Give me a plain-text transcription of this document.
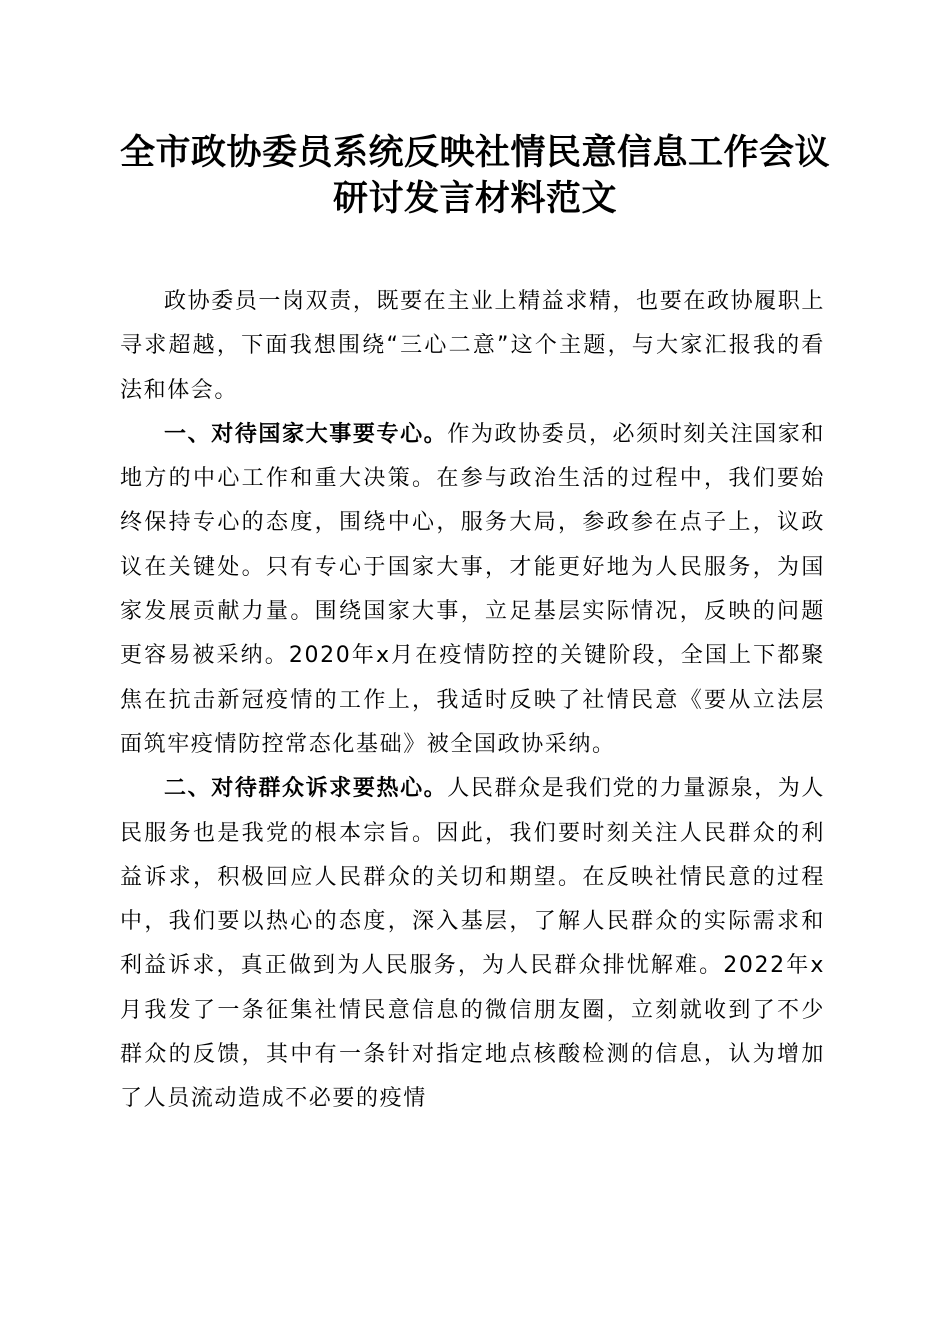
全市政协委员系统反映社情民意信息工作会议
研讨发言材料范文

政协委员一岗双责，既要在主业上精益求精，也要在政协履职上寻求超越，下面我想围绕“三心二意”这个主题，与大家汇报我的看法和体会。

一、对待国家大事要专心。作为政协委员，必须时刻关注国家和地方的中心工作和重大决策。在参与政治生活的过程中，我们要始终保持专心的态度，围绕中心，服务大局，参政参在点子上，议政议在关键处。只有专心于国家大事，才能更好地为人民服务，为国家发展贡献力量。围绕国家大事，立足基层实际情况，反映的问题更容易被采纳。2020年x月在疫情防控的关键阶段，全国上下都聚焦在抗击新冠疫情的工作上，我适时反映了社情民意《要从立法层面筑牢疫情防控常态化基础》被全国政协采纳。

二、对待群众诉求要热心。人民群众是我们党的力量源泉，为人民服务也是我党的根本宗旨。因此，我们要时刻关注人民群众的利益诉求，积极回应人民群众的关切和期望。在反映社情民意的过程中，我们要以热心的态度，深入基层，了解人民群众的实际需求和利益诉求，真正做到为人民服务，为人民群众排忧解难。2022年x月我发了一条征集社情民意信息的微信朋友圈，立刻就收到了不少群众的反馈，其中有一条针对指定地点核酸检测的信息，认为增加了人员流动造成不必要的疫情
